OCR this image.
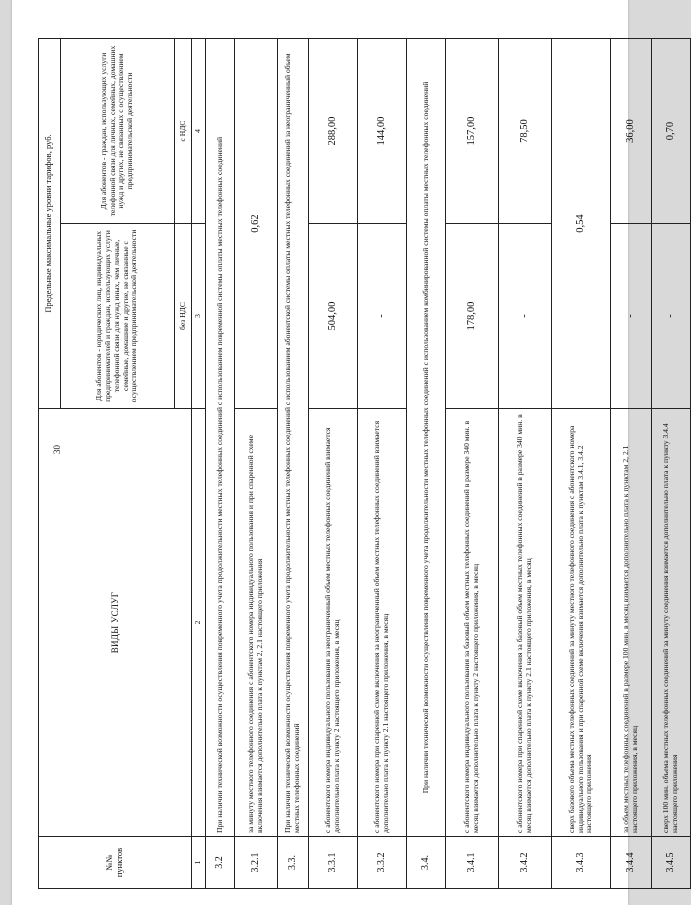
30
№№ пунктов	ВИДЫ УСЛУГ	Предельные максимальные уровни тарифов, руб.	
		Для абонентов - юридических лиц, индивидуальных предпринимателей и граждан, использующих услуги телефонной связи для нужд иных, чем личные, семейные, домашние и другие, не связанные с осуществлением предпринимательской деятельности	Для абонентов - граждан, использующих услуги телефонной связи для личных, семейных, домашних нужд и других, не связанных с осуществлением предпринимательской деятельности
		без НДС	с НДС
1	2	3	4
3.2	При наличии технической возможности осуществления повременного учета продолжительности местных телефонных соединений с использованием повременной системы оплаты местных телефонных соединений		
3.2.1	за минуту местного телефонного соединения с абонентского номера индивидуального пользования и при спаренной схеме включения взимается дополнительно плата к пунктам 2, 2.1 настоящего приложения	0,62	
3.3.	При наличии технической возможности осуществления повременного учета продолжительности местных телефонных соединений с использованием абонентской системы оплаты местных телефонных соединений за неограниченный объем местных телефонных соединений		
3.3.1	с абонентского номера индивидуального пользования за неограниченный объем местных телефонных соединений взимается дополнительно плата к пункту 2 настоящего приложения, в месяц	504,00	288,00
3.3.2	с абонентского номера при спаренной схеме включения за неограниченный объем местных телефонных соединений взимается дополнительно плата к пункту 2.1 настоящего приложения, в месяц	-	144,00
3.4.	При наличии технической возможности осуществления повременного учета продолжительности местных телефонных соединений с использованием комбинированной системы оплаты местных телефонных соединений		
3.4.1	с абонентского номера индивидуального пользования за базовый объем местных телефонных соединений в размере 340 мин. в месяц взимается дополнительно плата к пункту 2 настоящего приложения, в месяц	178,00	157,00
3.4.2	с абонентского номера при спаренной схеме включения за базовый объем местных телефонных соединений в размере 340 мин. в месяц взимается дополнительно плата к пункту 2.1 настоящего приложения, в месяц	-	78,50
3.4.3	сверх базового объема местных телефонных соединений за минуту местного телефонного соединения с абонентского номера индивидуального пользования и при спаренной схеме включения взимается дополнительно плата к пунктам 3.4.1, 3.4.2 настоящего приложения	0,54	
3.4.4	за объем местных телефонных соединений в размере 100 мин. в месяц взимается дополнительно плата к пунктам 2, 2.1 настоящего приложения, в месяц	-	36,00
3.4.5	сверх 100 мин. объема местных телефонных соединений за минуту соединения взимается дополнительно плата к пункту 3.4.4 настоящего приложения	-	0,70
